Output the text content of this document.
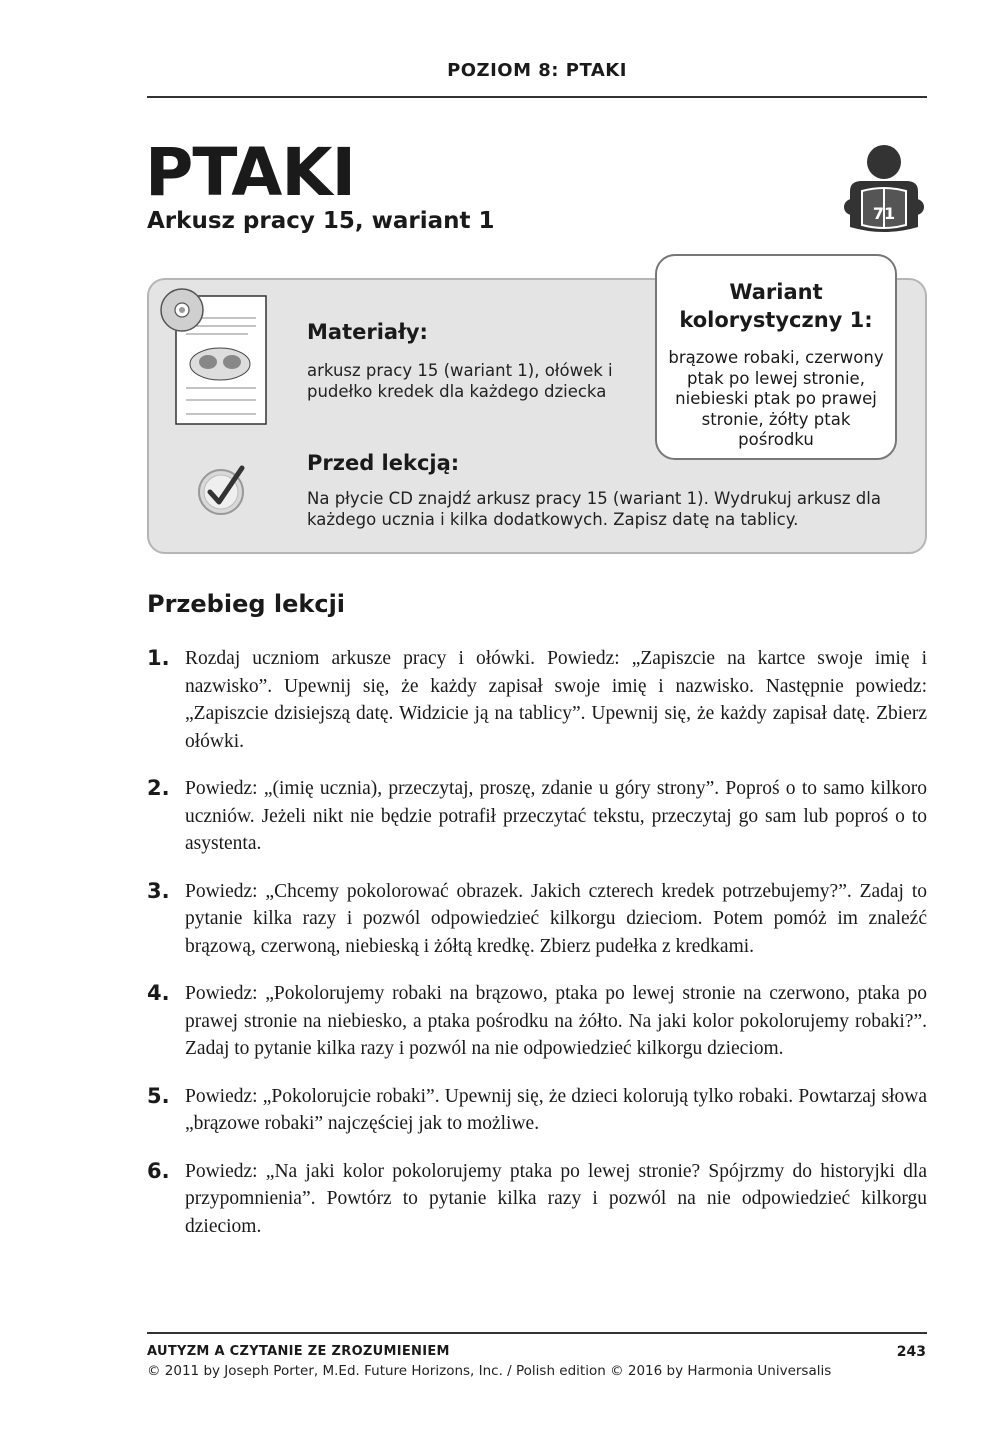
POZIOM 8: PTAKI
PTAKI
Arkusz pracy 15, wariant 1	71
Materiały:
arkusz pracy 15 (wariant 1), ołówek i pudełko kredek dla każdego dziecka
Przed lekcją:
Na płycie CD znajdź arkusz pracy 15 (wariant 1). Wydrukuj arkusz dla każdego ucznia i kilka dodatkowych. Zapisz datę na tablicy.
Wariant kolorystyczny 1:
brązowe robaki, czerwony ptak po lewej stronie, niebieski ptak po prawej stronie, żółty ptak pośrodku
Przebieg lekcji
1. Rozdaj uczniom arkusze pracy i ołówki. Powiedz: „Zapiszcie na kartce swoje imię i nazwisko”. Upewnij się, że każdy zapisał swoje imię i nazwisko. Następnie powiedz: „Zapiszcie dzisiejszą datę. Widzicie ją na tablicy”. Upewnij się, że każdy zapisał datę. Zbierz ołówki.
2. Powiedz: „(imię ucznia), przeczytaj, proszę, zdanie u góry strony”. Poproś o to samo kilkoro uczniów. Jeżeli nikt nie będzie potrafił przeczytać tekstu, przeczytaj go sam lub poproś o to asystenta.
3. Powiedz: „Chcemy pokolorować obrazek. Jakich czterech kredek potrzebujemy?”. Zadaj to pytanie kilka razy i pozwól odpowiedzieć kilkorgu dzieciom. Potem pomóż im znaleźć brązową, czerwoną, niebieską i żółtą kredkę. Zbierz pudełka z kredkami.
4. Powiedz: „Pokolorujemy robaki na brązowo, ptaka po lewej stronie na czerwono, ptaka po prawej stronie na niebiesko, a ptaka pośrodku na żółto. Na jaki kolor pokolorujemy robaki?”. Zadaj to pytanie kilka razy i pozwól na nie odpowiedzieć kilkorgu dzieciom.
5. Powiedz: „Pokolorujcie robaki”. Upewnij się, że dzieci kolorują tylko robaki. Powtarzaj słowa „brązowe robaki” najczęściej jak to możliwe.
6. Powiedz: „Na jaki kolor pokolorujemy ptaka po lewej stronie? Spójrzmy do historyjki dla przypomnienia”. Powtórz to pytanie kilka razy i pozwól na nie odpowiedzieć kilkorgu dzieciom.
AUTYZM A CZYTANIE ZE ZROZUMIENIEM	243
© 2011 by Joseph Porter, M.Ed. Future Horizons, Inc. / Polish edition © 2016 by Harmonia Universalis
